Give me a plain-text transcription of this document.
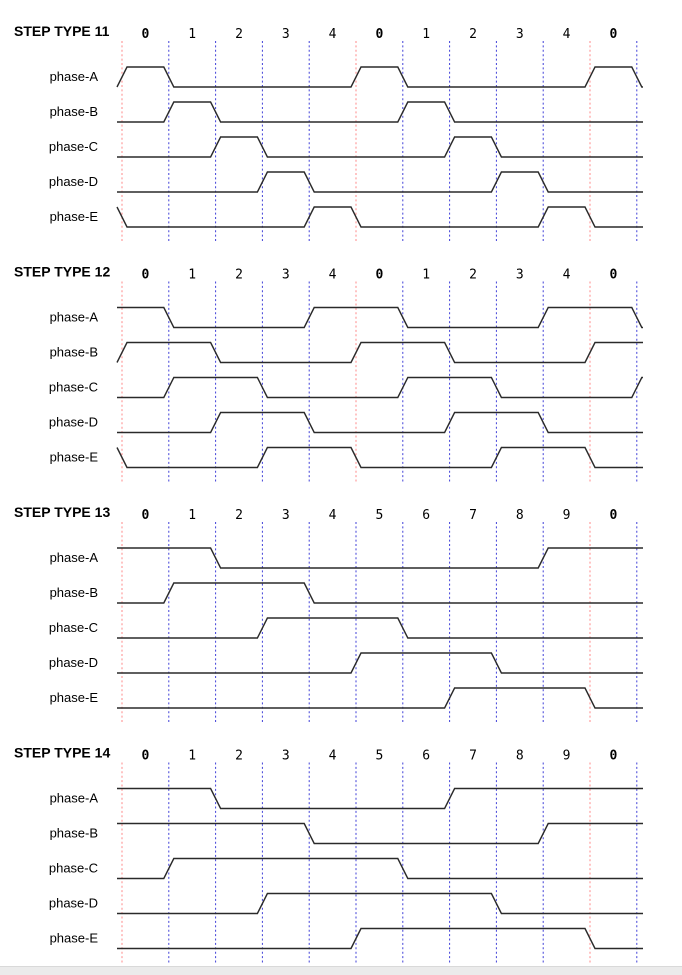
STEP TYPE 11 0	1	2	3	4	0	1	2	3	4	0
phase-A
phase-B
phase-C
phase-D
phase-E
STEP TYPE 12 0	1	2	3	4	0	1	2	3	4	0
phase-A
phase-B
phase-C
phase-D
phase-E
STEP TYPE 13 0	1	2	3	4	5	6	7	8	9	0
phase-A
phase-B
phase-C
phase-D
phase-E
STEP TYPE 14 0	1	2	3	4	5	6	7	8	9	0
phase-A
phase-B
phase-C
phase-D
phase-E
